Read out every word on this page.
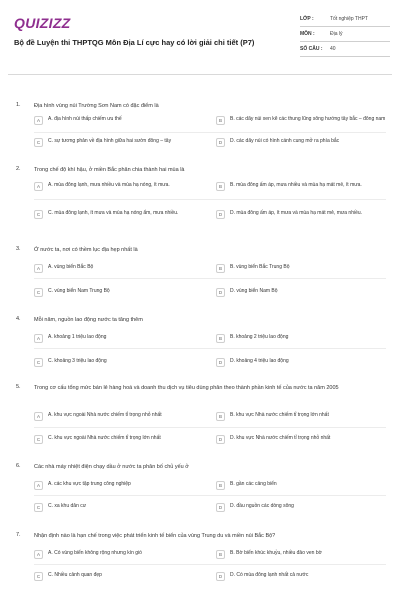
QUIZIZZ
Bộ đề Luyện thi THPTQG Môn Địa Lí cực hay có lời giải chi tiết (P7)
LỚP :	Tốt nghiệp THPT
MÔN :	Địa lý
SỐ CÂU :	40
1. Địa hình vùng núi Trường Sơn Nam có đặc điểm là
A	A. địa hình núi thấp chiếm ưu thế	B	B. các dãy núi xen kẽ các thung lũng sông hướng tây bắc – đông nam
C	C. sự tương phản về địa hình giữa hai sườn đông – tây	D	D. các dãy núi có hình cánh cung mở ra phía bắc
2. Trong chế độ khí hậu, ở miền Bắc phân chia thành hai mùa là
A	A. mùa đông lạnh, mưa nhiều và mùa hạ nóng, ít mưa.	B	B. mùa đông ấm áp, mưa nhiều và mùa hạ mát mẻ, ít mưa.
C	C. mùa đông lạnh, ít mưa và mùa hạ nóng ẩm, mưa nhiều.	D	D. mùa đông ấm áp, ít mưa và mùa hạ mát mẻ, mưa nhiều.
3. Ở nước ta, nơi có thềm lục địa hẹp nhất là
A	A. vùng biển Bắc Bộ	B	B. vùng biển Bắc Trung Bộ
C	C. vùng biển Nam Trung Bộ	D	D. vùng biển Nam Bộ
4. Mỗi năm, nguồn lao động nước ta tăng thêm
A	A. khoảng 1 triệu lao động	B	B. khoảng 2 triệu lao động
C	C. khoảng 3 triệu lao động	D	D. khoảng 4 triệu lao động
5. Trong cơ cấu tổng mức bán lẻ hàng hoá và doanh thu dịch vụ tiêu dùng phân theo thành phần kinh tế của nước ta năm 2005
A	A. khu vực ngoài Nhà nước chiếm tỉ trọng nhỏ nhất	B	B. khu vực Nhà nước chiếm tỉ trọng lớn nhất
C	C. khu vực ngoài Nhà nước chiếm tỉ trọng lớn nhất	D	D. khu vực Nhà nước chiếm tỉ trọng nhỏ nhất
6. Các nhà máy nhiệt điện chạy dầu ở nước ta phân bố chủ yếu ở
A	A. các khu vực tập trung công nghiệp	B	B. gần các cảng biển
C	C. xa khu dân cư	D	D. đầu nguồn các dòng sông
7. Nhận định nào là hạn chế trong việc phát triển kinh tế biển của vùng Trung du và miền núi Bắc Bộ?
A	A. Có vùng biển không rộng nhưng kín gió	B	B. Bờ biển khúc khuỷu, nhiều đảo ven bờ
C	C. Nhiều cảnh quan đẹp	D	D. Có mùa đông lạnh nhất cả nước
